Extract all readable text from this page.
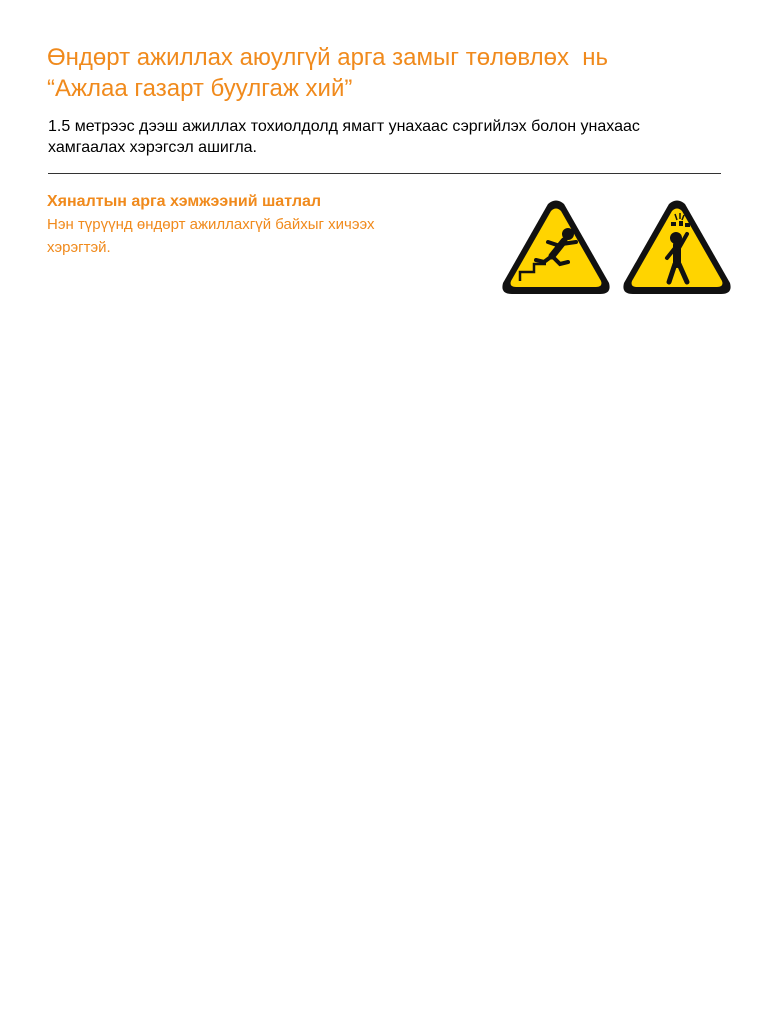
Өндөрт ажиллах аюулгүй арга замыг төлөвлөх  нь
“Ажлаа газарт буулгаж хий”

1.5 метрээс дээш ажиллах тохиолдолд ямагт унахаас сэргийлэх болон унахаас
хамгаалах хэрэгсэл ашигла.

Хяналтын арга хэмжээний шатлал

Нэн түрүүнд өндөрт ажиллахгүй байхыг хичээх
хэрэгтэй.
